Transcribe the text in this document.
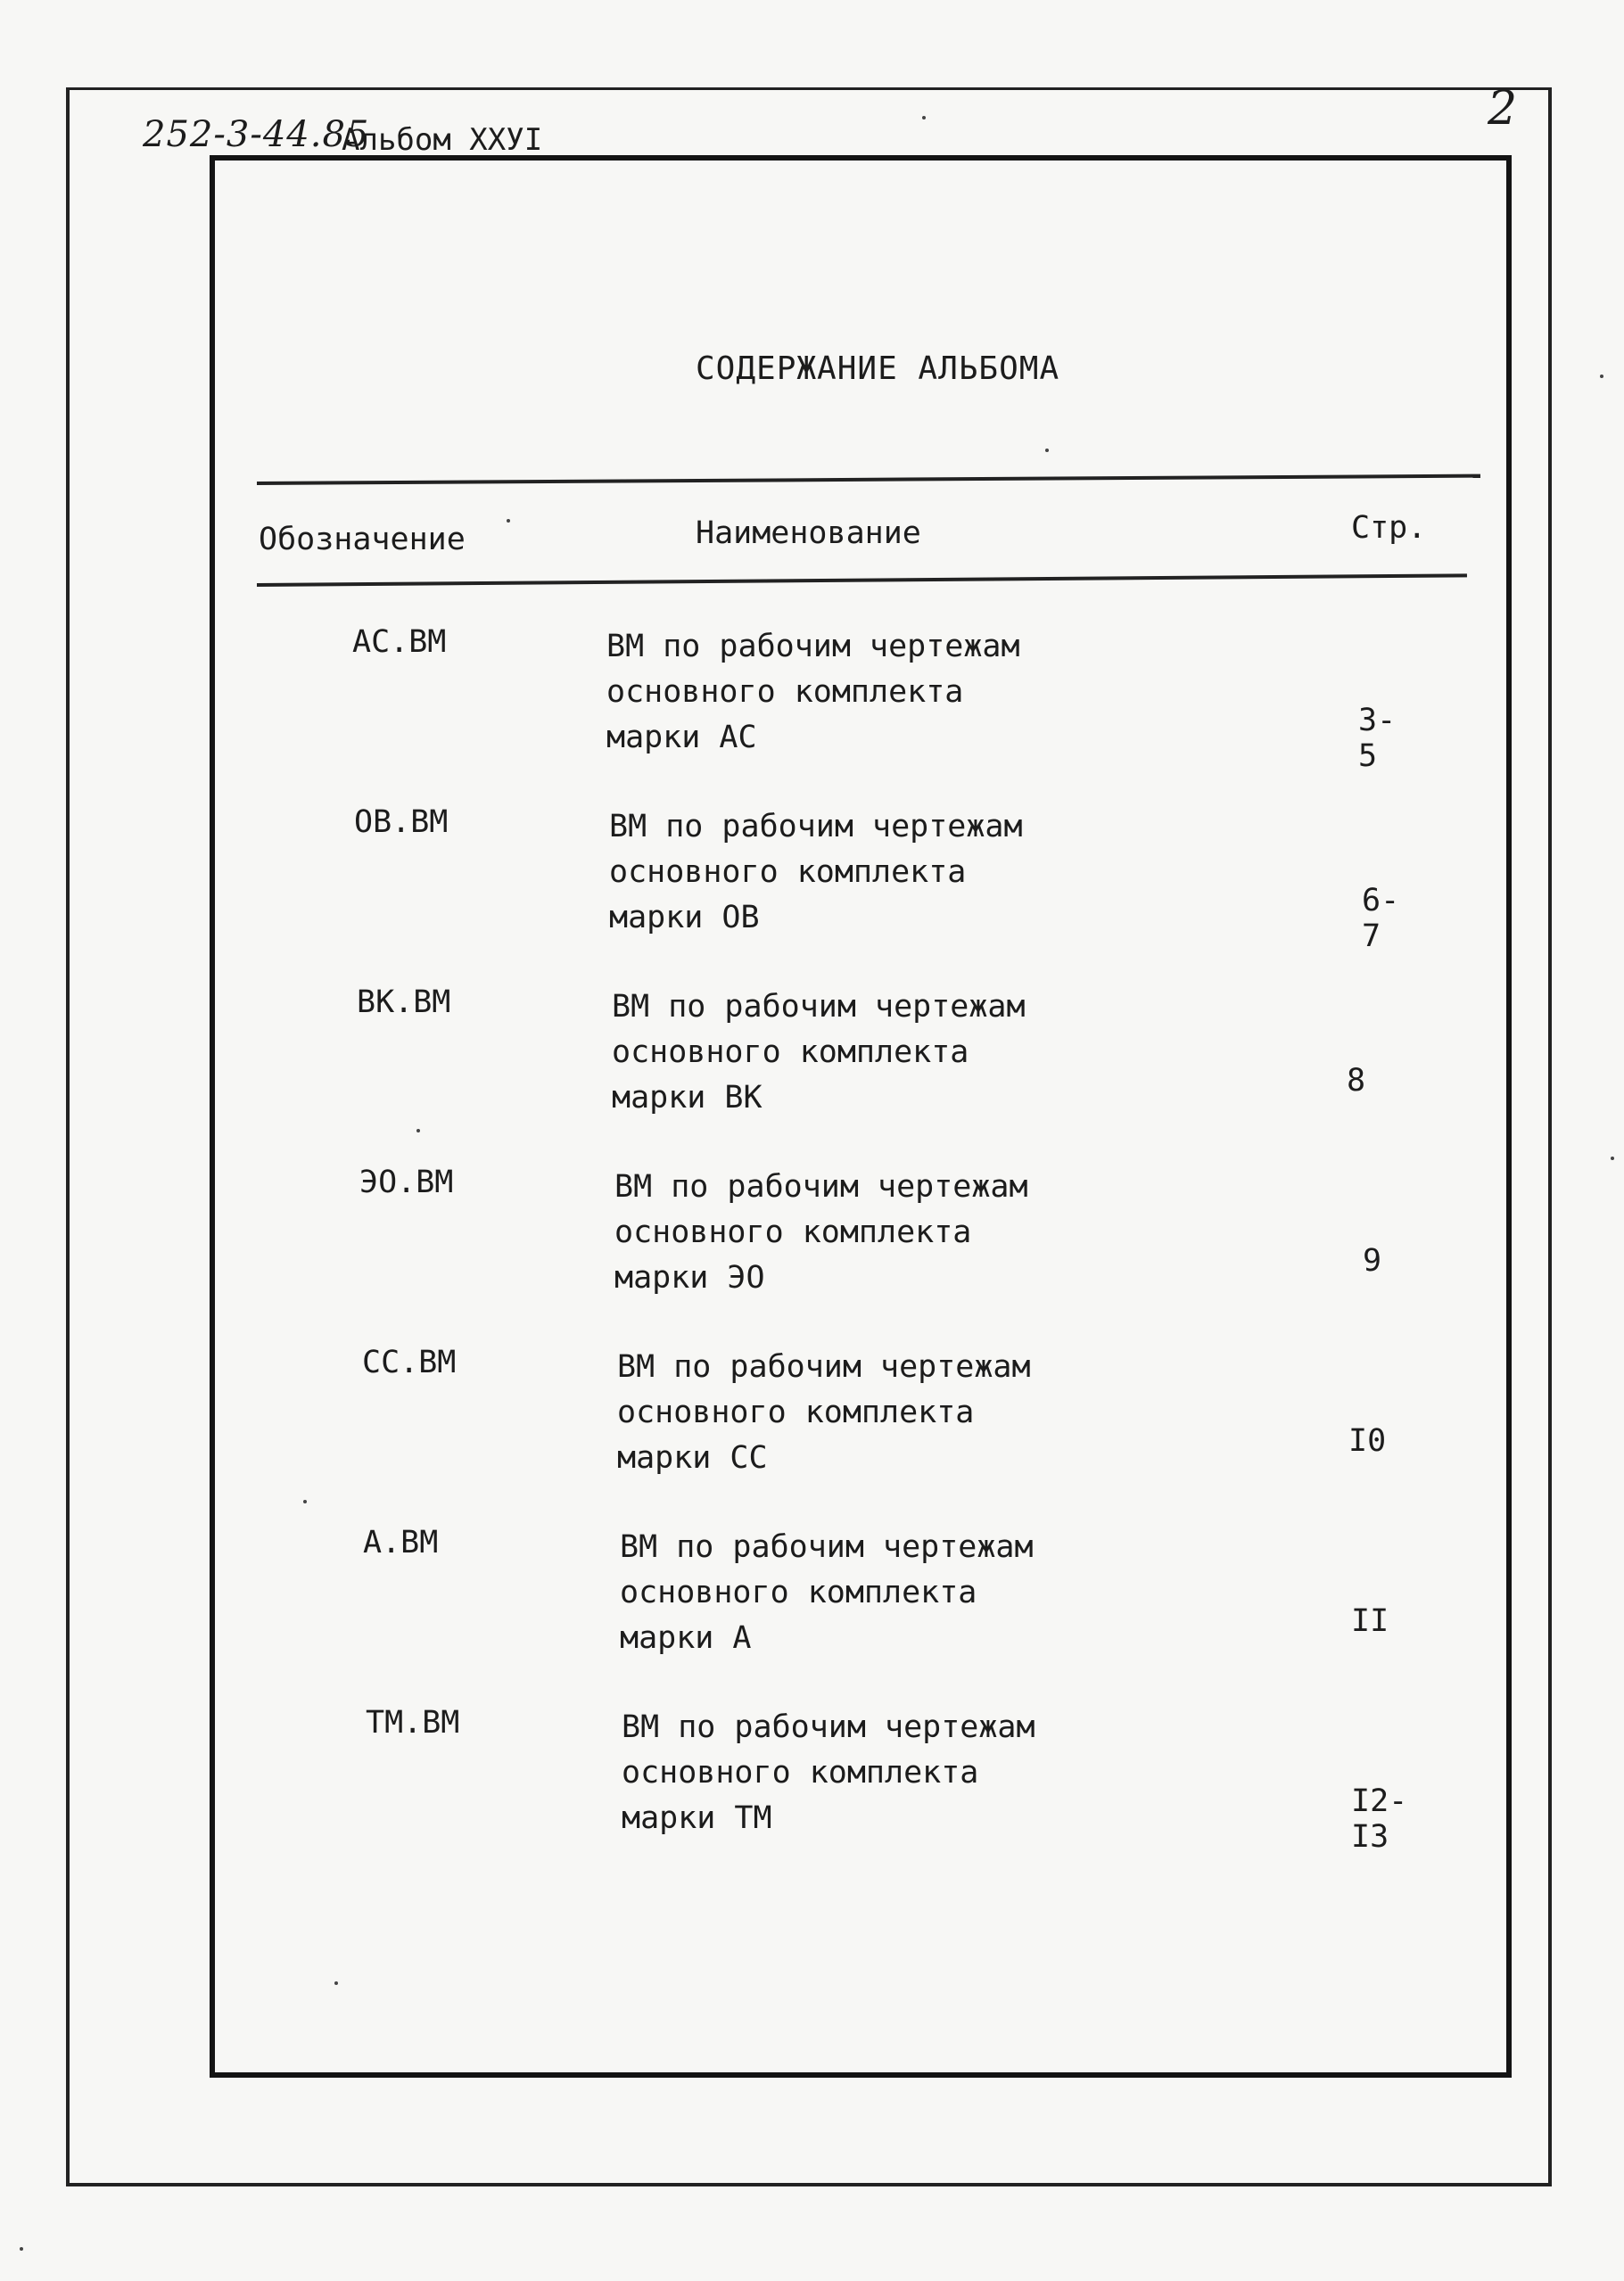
252-3-44.85
Альбом XXУI
2
СОДЕРЖАНИЕ АЛЬБОМА
Обозначение	Наименование	Стр.
АС.ВМ	ВМ по рабочим чертежам
основного комплекта
марки АС	3-5
ОВ.ВМ	ВМ по рабочим чертежам
основного комплекта
марки ОВ	6-7
ВК.ВМ	ВМ по рабочим чертежам
основного комплекта
марки ВК	8
ЭО.ВМ	ВМ по рабочим чертежам
основного комплекта
марки ЭО	9
СС.ВМ	ВМ по рабочим чертежам
основного комплекта
марки СС	I0
А.ВМ	ВМ по рабочим чертежам
основного комплекта
марки А	II
ТМ.ВМ	ВМ по рабочим чертежам
основного комплекта
марки ТМ	I2-I3
